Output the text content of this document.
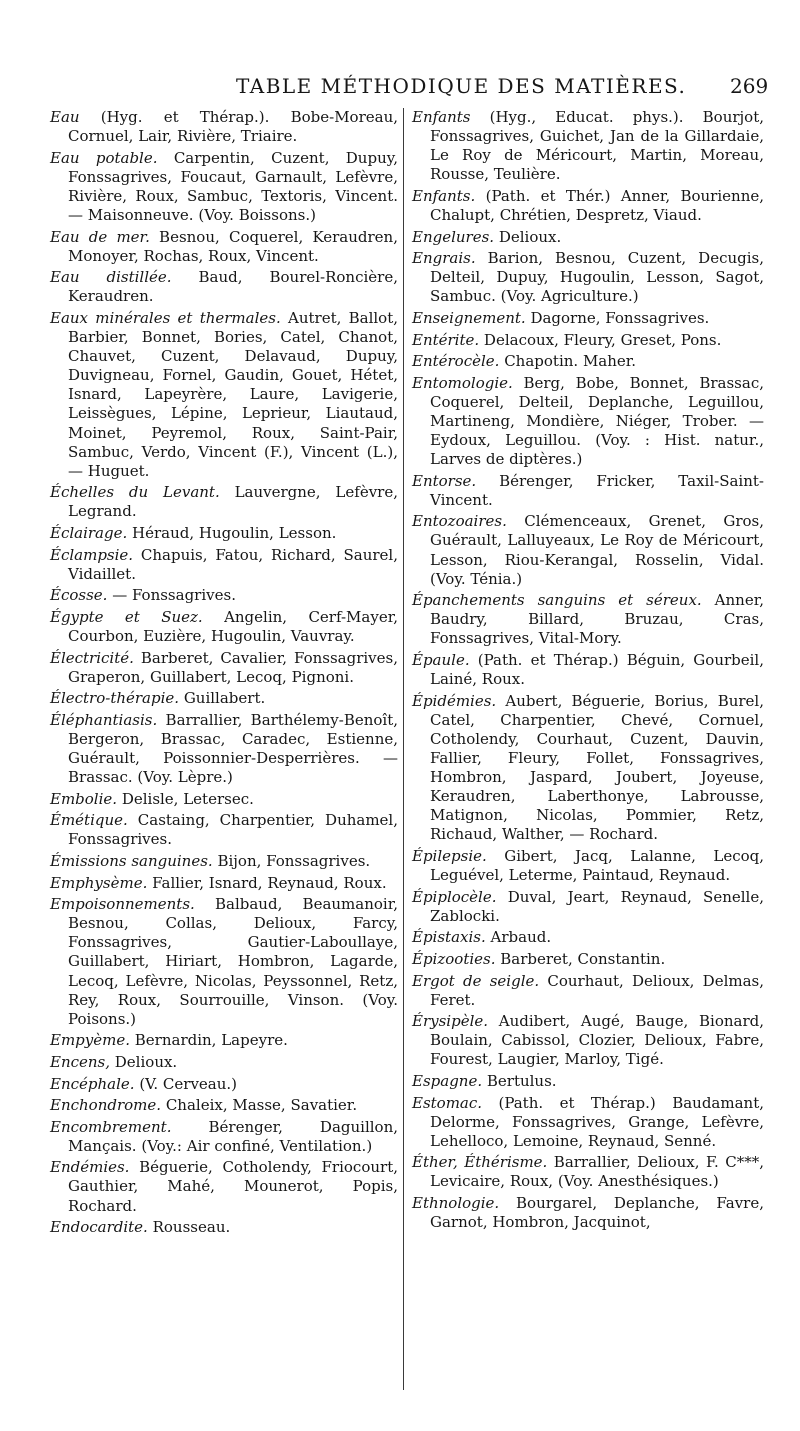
TABLE MÉTHODIQUE DES MATIÈRES. 269

Eau (Hyg. et Thérap.). Bobe-Moreau, Cornuel, Lair, Rivière, Triaire.

Eau potable. Carpentin, Cuzent, Dupuy, Fonssagrives, Foucaut, Garnault, Lefèvre, Rivière, Roux, Sambuc, Textoris, Vincent. — Maisonneuve. (Voy. Boissons.)

Eau de mer. Besnou, Coquerel, Keraudren, Monoyer, Rochas, Roux, Vincent.

Eau distillée. Baud, Bourel-Roncière, Keraudren.

Eaux minérales et thermales. Autret, Ballot, Barbier, Bonnet, Bories, Catel, Chanot, Chauvet, Cuzent, Delavaud, Dupuy, Duvigneau, Fornel, Gaudin, Gouet, Hétet, Isnard, Lapeyrère, Laure, Lavigerie, Leissègues, Lépine, Leprieur, Liautaud, Moinet, Peyremol, Roux, Saint-Pair, Sambuc, Verdo, Vincent (F.), Vincent (L.), — Huguet.

Échelles du Levant. Lauvergne, Lefèvre, Legrand.

Éclairage. Héraud, Hugoulin, Lesson.

Éclampsie. Chapuis, Fatou, Richard, Saurel, Vidaillet.

Écosse. — Fonssagrives.

Égypte et Suez. Angelin, Cerf-Mayer, Courbon, Euzière, Hugoulin, Vauvray.

Électricité. Barberet, Cavalier, Fonssagrives, Graperon, Guillabert, Lecoq, Pignoni.

Électro-thérapie. Guillabert.

Éléphantiasis. Barrallier, Barthélemy-Benoît, Bergeron, Brassac, Caradec, Estienne, Guérault, Poissonnier-Desperrières. — Brassac. (Voy. Lèpre.)

Embolie. Delisle, Letersec.

Émétique. Castaing, Charpentier, Duhamel, Fonssagrives.

Émissions sanguines. Bijon, Fonssagrives.

Emphysème. Fallier, Isnard, Reynaud, Roux.

Empoisonnements. Balbaud, Beaumanoir, Besnou, Collas, Delioux, Farcy, Fonssagrives, Gautier-Laboullaye, Guillabert, Hiriart, Hombron, Lagarde, Lecoq, Lefèvre, Nicolas, Peyssonnel, Retz, Rey, Roux, Sourrouille, Vinson. (Voy. Poisons.)

Empyème. Bernardin, Lapeyre.

Encens, Delioux.

Encéphale. (V. Cerveau.)

Enchondrome. Chaleix, Masse, Savatier.

Encombrement. Bérenger, Daguillon, Mançais. (Voy.: Air confiné, Ventilation.)

Endémies. Béguerie, Cotholendy, Friocourt, Gauthier, Mahé, Mounerot, Popis, Rochard.

Endocardite. Rousseau.

Enfants (Hyg., Educat. phys.). Bourjot, Fonssagrives, Guichet, Jan de la Gillardaie, Le Roy de Méricourt, Martin, Moreau, Rousse, Teulière.

Enfants. (Path. et Thér.) Anner, Bourienne, Chalupt, Chrétien, Despretz, Viaud.

Engelures. Delioux.

Engrais. Barion, Besnou, Cuzent, Decugis, Delteil, Dupuy, Hugoulin, Lesson, Sagot, Sambuc. (Voy. Agriculture.)

Enseignement. Dagorne, Fonssagrives.

Entérite. Delacoux, Fleury, Greset, Pons.

Entérocèle. Chapotin. Maher.

Entomologie. Berg, Bobe, Bonnet, Brassac, Coquerel, Delteil, Deplanche, Leguillou, Martineng, Mondière, Niéger, Trober. — Eydoux, Leguillou. (Voy. : Hist. natur., Larves de diptères.)

Entorse. Bérenger, Fricker, Taxil-Saint-Vincent.

Entozoaires. Clémenceaux, Grenet, Gros, Guérault, Lalluyeaux, Le Roy de Méricourt, Lesson, Riou-Kerangal, Rosselin, Vidal. (Voy. Ténia.)

Épanchements sanguins et séreux. Anner, Baudry, Billard, Bruzau, Cras, Fonssagrives, Vital-Mory.

Épaule. (Path. et Thérap.) Béguin, Gourbeil, Lainé, Roux.

Épidémies. Aubert, Béguerie, Borius, Burel, Catel, Charpentier, Chevé, Cornuel, Cotholendy, Courhaut, Cuzent, Dauvin, Fallier, Fleury, Follet, Fonssagrives, Hombron, Jaspard, Joubert, Joyeuse, Keraudren, Laberthonye, Labrousse, Matignon, Nicolas, Pommier, Retz, Richaud, Walther, — Rochard.

Épilepsie. Gibert, Jacq, Lalanne, Lecoq, Leguével, Leterme, Paintaud, Reynaud.

Épiplocèle. Duval, Jeart, Reynaud, Senelle, Zablocki.

Épistaxis. Arbaud.

Épizooties. Barberet, Constantin.

Ergot de seigle. Courhaut, Delioux, Delmas, Feret.

Érysipèle. Audibert, Augé, Bauge, Bionard, Boulain, Cabissol, Clozier, Delioux, Fabre, Fourest, Laugier, Marloy, Tigé.

Espagne. Bertulus.

Estomac. (Path. et Thérap.) Baudamant, Delorme, Fonssagrives, Grange, Lefèvre, Lehelloco, Lemoine, Reynaud, Senné.

Éther, Éthérisme. Barrallier, Delioux, F. C***, Levicaire, Roux, (Voy. Anesthésiques.)

Ethnologie. Bourgarel, Deplanche, Favre, Garnot, Hombron, Jacquinot,
